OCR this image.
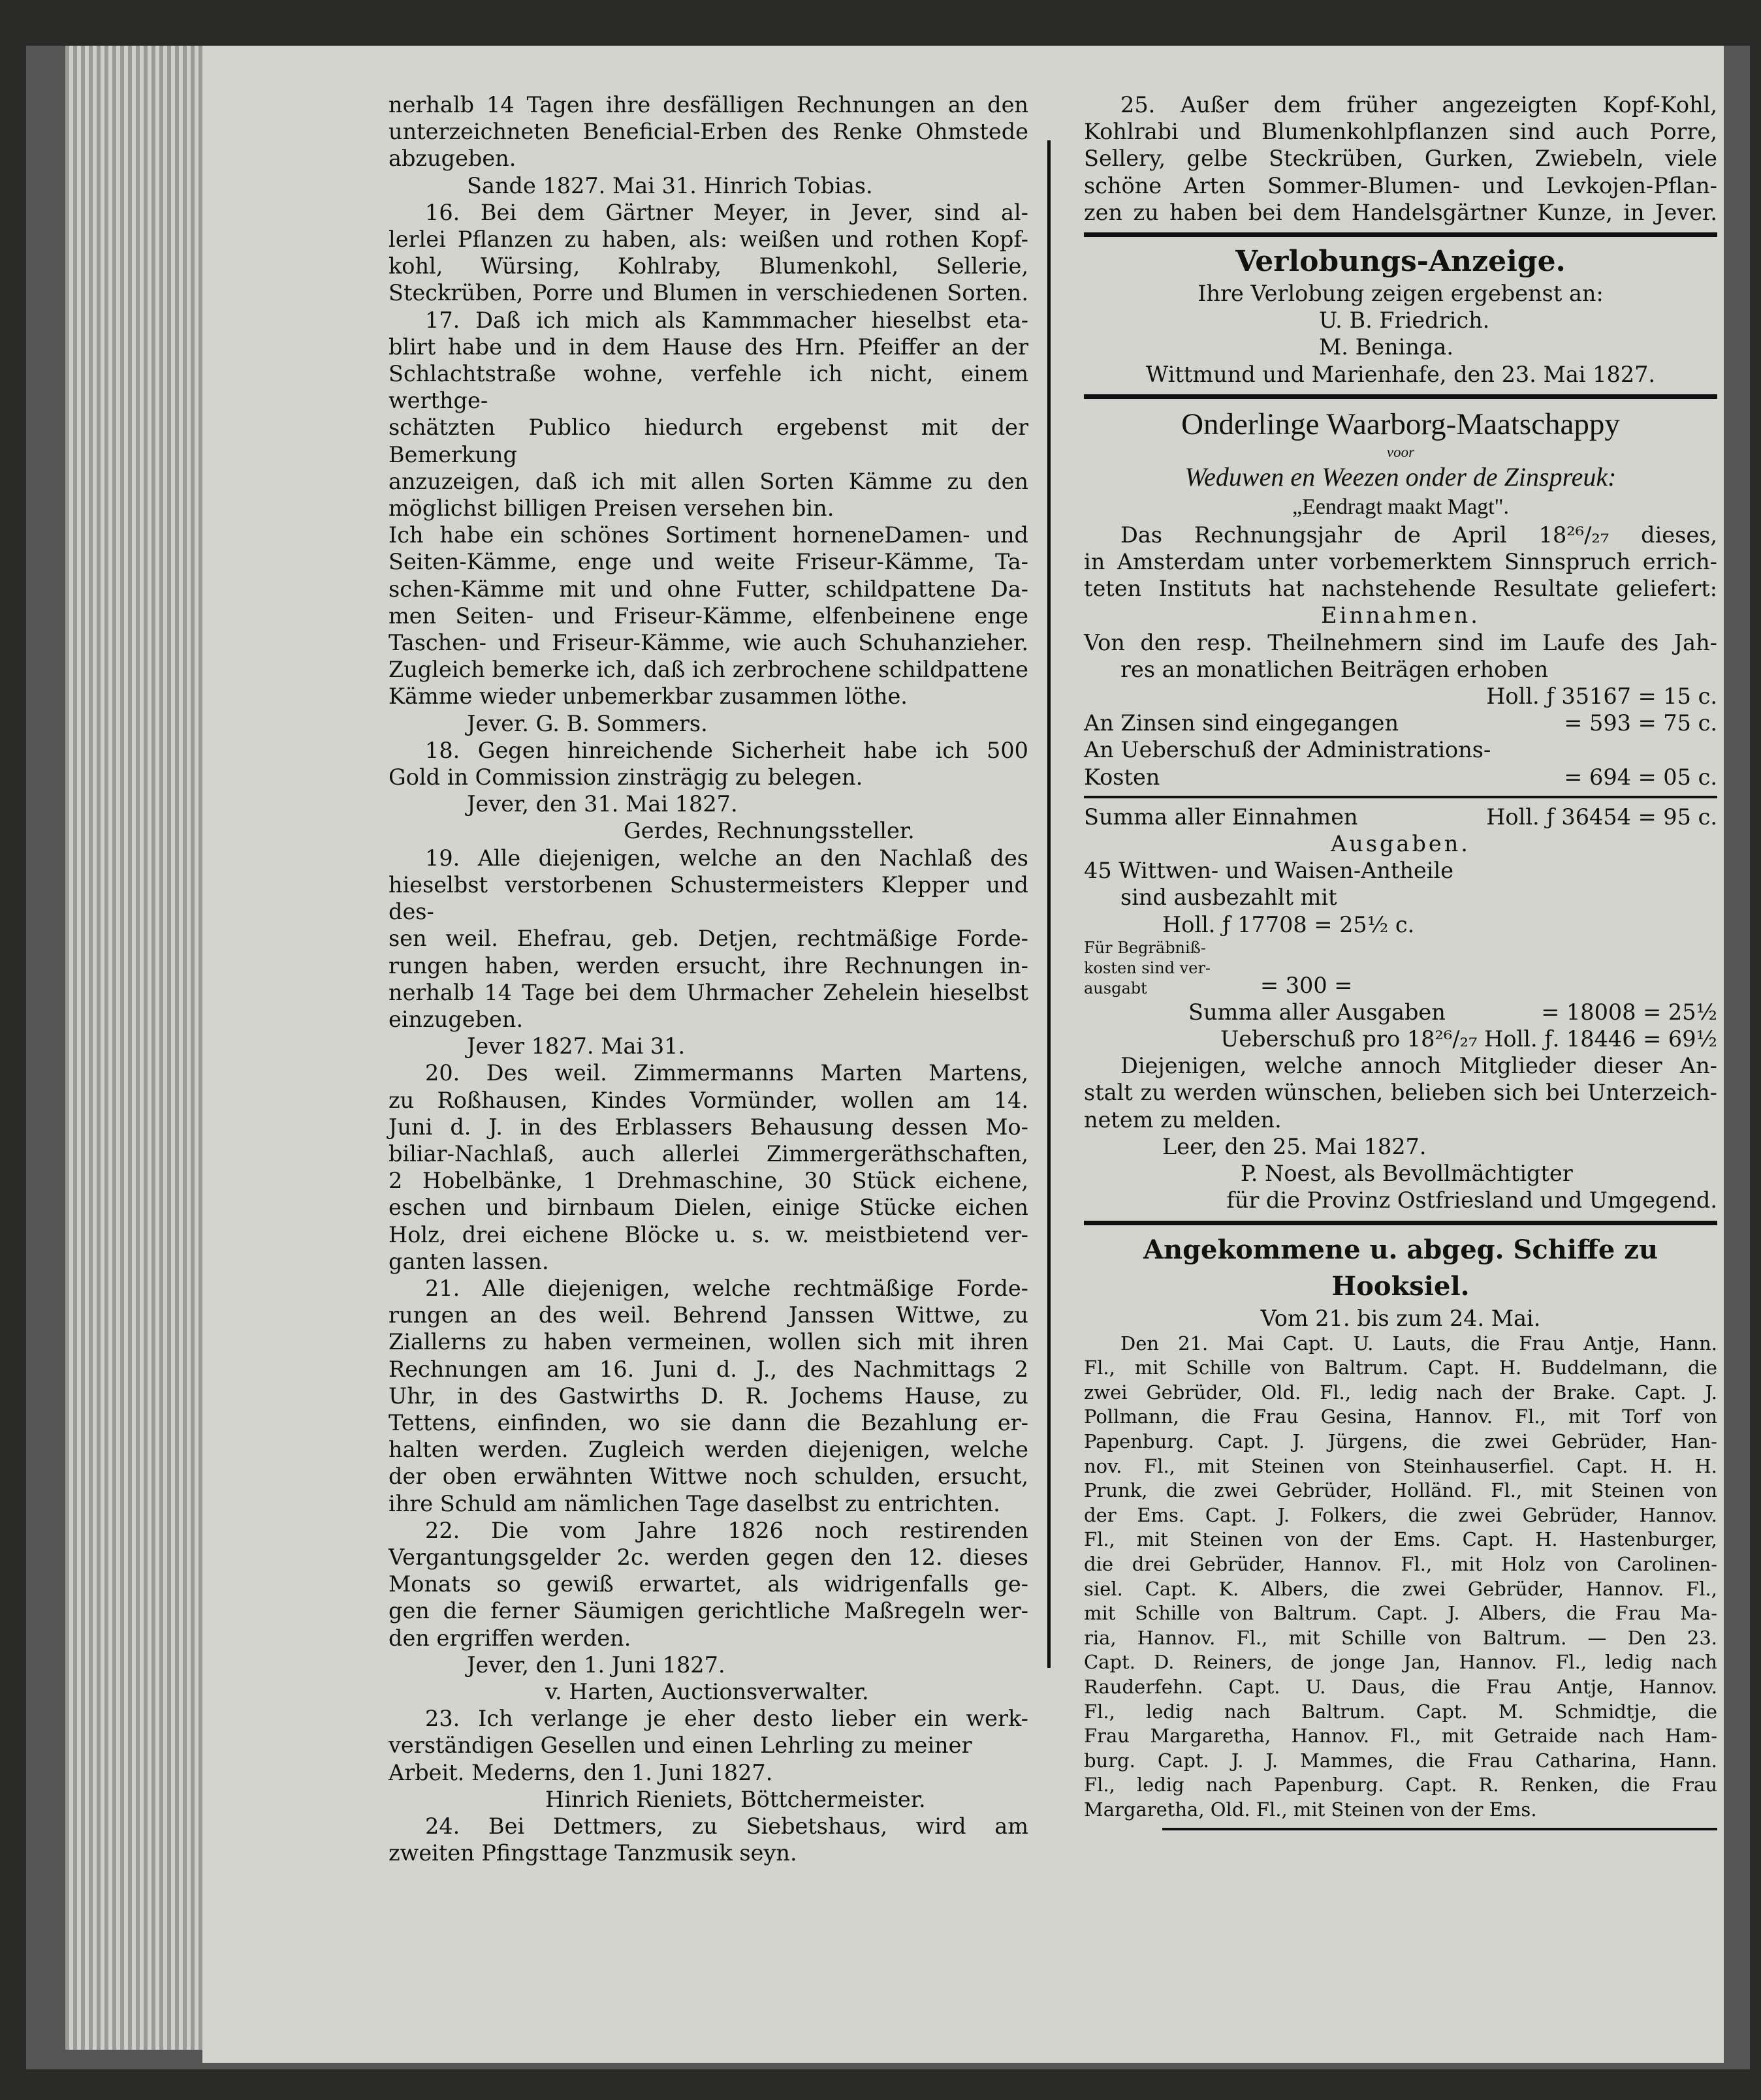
nerhalb 14 Tagen ihre desfälligen Rechnungen an den

unterzeichneten Beneficial-Erben des Renke Ohmstede

abzugeben.

Sande 1827. Mai 31. Hinrich Tobias.

16. Bei dem Gärtner Meyer, in Jever, sind al-

lerlei Pflanzen zu haben, als: weißen und rothen Kopf-

kohl, Würsing, Kohlraby, Blumenkohl, Sellerie,

Steckrüben, Porre und Blumen in verschiedenen Sorten.

17. Daß ich mich als Kammmacher hieselbst eta-

blirt habe und in dem Hause des Hrn. Pfeiffer an der

Schlachtstraße wohne, verfehle ich nicht, einem werthge-

schätzten Publico hiedurch ergebenst mit der Bemerkung

anzuzeigen, daß ich mit allen Sorten Kämme zu den

möglichst billigen Preisen versehen bin.

Ich habe ein schönes Sortiment horneneDamen- und

Seiten-Kämme, enge und weite Friseur-Kämme, Ta-

schen-Kämme mit und ohne Futter, schildpattene Da-

men Seiten- und Friseur-Kämme, elfenbeinene enge

Taschen- und Friseur-Kämme, wie auch Schuhanzieher.

Zugleich bemerke ich, daß ich zerbrochene schildpattene

Kämme wieder unbemerkbar zusammen löthe.

Jever. G. B. Sommers.

18. Gegen hinreichende Sicherheit habe ich 500

Gold in Commission zinsträgig zu belegen.

Jever, den 31. Mai 1827.

Gerdes, Rechnungssteller.

19. Alle diejenigen, welche an den Nachlaß des

hieselbst verstorbenen Schustermeisters Klepper und des-

sen weil. Ehefrau, geb. Detjen, rechtmäßige Forde-

rungen haben, werden ersucht, ihre Rechnungen in-

nerhalb 14 Tage bei dem Uhrmacher Zehelein hieselbst

einzugeben.

Jever 1827. Mai 31.

20. Des weil. Zimmermanns Marten Martens,

zu Roßhausen, Kindes Vormünder, wollen am 14.

Juni d. J. in des Erblassers Behausung dessen Mo-

biliar-Nachlaß, auch allerlei Zimmergeräthschaften,

2 Hobelbänke, 1 Drehmaschine, 30 Stück eichene,

eschen und birnbaum Dielen, einige Stücke eichen

Holz, drei eichene Blöcke u. s. w. meistbietend ver-

ganten lassen.

21. Alle diejenigen, welche rechtmäßige Forde-

rungen an des weil. Behrend Janssen Wittwe, zu

Ziallerns zu haben vermeinen, wollen sich mit ihren

Rechnungen am 16. Juni d. J., des Nachmittags 2

Uhr, in des Gastwirths D. R. Jochems Hause, zu

Tettens, einfinden, wo sie dann die Bezahlung er-

halten werden. Zugleich werden diejenigen, welche

der oben erwähnten Wittwe noch schulden, ersucht,

ihre Schuld am nämlichen Tage daselbst zu entrichten.

22. Die vom Jahre 1826 noch restirenden

Vergantungsgelder 2c. werden gegen den 12. dieses

Monats so gewiß erwartet, als widrigenfalls ge-

gen die ferner Säumigen gerichtliche Maßregeln wer-

den ergriffen werden.

Jever, den 1. Juni 1827.

v. Harten, Auctionsverwalter.

23. Ich verlange je eher desto lieber ein werk-

verständigen Gesellen und einen Lehrling zu meiner

Arbeit. Mederns, den 1. Juni 1827.

Hinrich Rieniets, Böttchermeister.

24. Bei Dettmers, zu Siebetshaus, wird am

zweiten Pfingsttage Tanzmusik seyn.

25. Außer dem früher angezeigten Kopf-Kohl,

Kohlrabi und Blumenkohlpflanzen sind auch Porre,

Sellery, gelbe Steckrüben, Gurken, Zwiebeln, viele

schöne Arten Sommer-Blumen- und Levkojen-Pflan-

zen zu haben bei dem Handelsgärtner Kunze, in Jever.

Verlobungs-Anzeige.

Ihre Verlobung zeigen ergebenst an:

U. B. Friedrich.

M. Beninga.

Wittmund und Marienhafe, den 23. Mai 1827.

Onderlinge Waarborg-Maatschappy

voor

Weduwen en Weezen onder de Zinspreuk:

„Eendragt maakt Magt".

Das Rechnungsjahr de April 18²⁶/₂₇ dieses,

in Amsterdam unter vorbemerktem Sinnspruch errich-

teten Instituts hat nachstehende Resultate geliefert:

Einnahmen.

Von den resp. Theilnehmern sind im Laufe des Jah-

res an monatlichen Beiträgen erhoben

Holl. ƒ 35167 = 15 c.

An Zinsen sind eingegangen	= 593 = 75 c.

An Ueberschuß der Administrations-

Kosten	= 694 = 05 c.
Summa aller Einnahmen	Holl. ƒ 36454 = 95 c.

Ausgaben.

45 Wittwen- und Waisen-Antheile

sind ausbezahlt mit

Holl. ƒ 17708 = 25½ c.

Für Begräbniß-

kosten sind ver-

ausgabt	= 300 =
Summa aller Ausgaben	= 18008 = 25½

Ueberschuß pro 18²⁶/₂₇ Holl. ƒ. 18446 = 69½

Diejenigen, welche annoch Mitglieder dieser An-

stalt zu werden wünschen, belieben sich bei Unterzeich-

netem zu melden.

Leer, den 25. Mai 1827.

P. Noest, als Bevollmächtigter

für die Provinz Ostfriesland und Umgegend.

Angekommene u. abgeg. Schiffe zu Hooksiel.

Vom 21. bis zum 24. Mai.

Den 21. Mai Capt. U. Lauts, die Frau Antje, Hann.

Fl., mit Schille von Baltrum. Capt. H. Buddelmann, die

zwei Gebrüder, Old. Fl., ledig nach der Brake. Capt. J.

Pollmann, die Frau Gesina, Hannov. Fl., mit Torf von

Papenburg. Capt. J. Jürgens, die zwei Gebrüder, Han-

nov. Fl., mit Steinen von Steinhauserfiel. Capt. H. H.

Prunk, die zwei Gebrüder, Holländ. Fl., mit Steinen von

der Ems. Capt. J. Folkers, die zwei Gebrüder, Hannov.

Fl., mit Steinen von der Ems. Capt. H. Hastenburger,

die drei Gebrüder, Hannov. Fl., mit Holz von Carolinen-

siel. Capt. K. Albers, die zwei Gebrüder, Hannov. Fl.,

mit Schille von Baltrum. Capt. J. Albers, die Frau Ma-

ria, Hannov. Fl., mit Schille von Baltrum. — Den 23.

Capt. D. Reiners, de jonge Jan, Hannov. Fl., ledig nach

Rauderfehn. Capt. U. Daus, die Frau Antje, Hannov.

Fl., ledig nach Baltrum. Capt. M. Schmidtje, die

Frau Margaretha, Hannov. Fl., mit Getraide nach Ham-

burg. Capt. J. J. Mammes, die Frau Catharina, Hann.

Fl., ledig nach Papenburg. Capt. R. Renken, die Frau

Margaretha, Old. Fl., mit Steinen von der Ems.
